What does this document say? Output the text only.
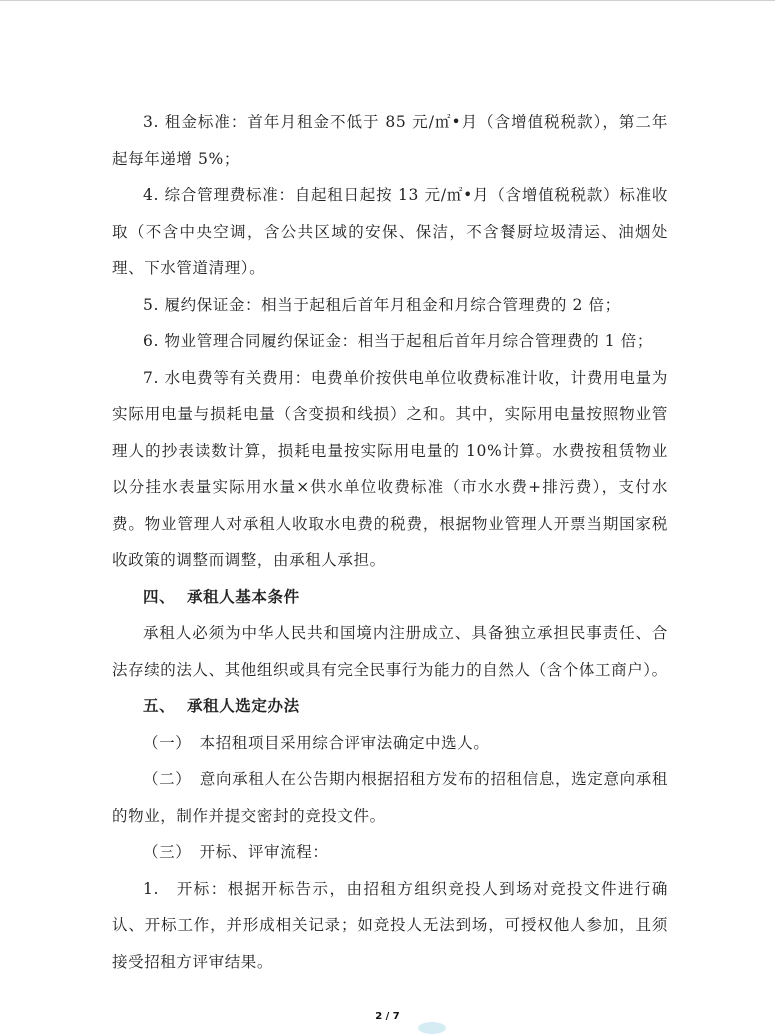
3. 租金标准：首年月租金不低于 85 元/㎡•月（含增值税税款），第二年起每年递增 5%；

4. 综合管理费标准：自起租日起按 13 元/㎡•月（含增值税税款）标准收取（不含中央空调，含公共区域的安保、保洁，不含餐厨垃圾清运、油烟处理、下水管道清理）。

5. 履约保证金：相当于起租后首年月租金和月综合管理费的 2 倍；

6. 物业管理合同履约保证金：相当于起租后首年月综合管理费的 1 倍；

7. 水电费等有关费用：电费单价按供电单位收费标准计收，计费用电量为实际用电量与损耗电量（含变损和线损）之和。其中，实际用电量按照物业管理人的抄表读数计算，损耗电量按实际用电量的 10%计算。水费按租赁物业以分挂水表量实际用水量×供水单位收费标准（市水水费+排污费），支付水费。物业管理人对承租人收取水电费的税费，根据物业管理人开票当期国家税收政策的调整而调整，由承租人承担。

四、 承租人基本条件

承租人必须为中华人民共和国境内注册成立、具备独立承担民事责任、合法存续的法人、其他组织或具有完全民事行为能力的自然人（含个体工商户）。

五、 承租人选定办法

（一）　本招租项目采用综合评审法确定中选人。

（二）　意向承租人在公告期内根据招租方发布的招租信息，选定意向承租的物业，制作并提交密封的竞投文件。

（三）　开标、评审流程：

1.　开标：根据开标告示，由招租方组织竞投人到场对竞投文件进行确认、开标工作，并形成相关记录；如竞投人无法到场，可授权他人参加，且须接受招租方评审结果。

2 / 7
